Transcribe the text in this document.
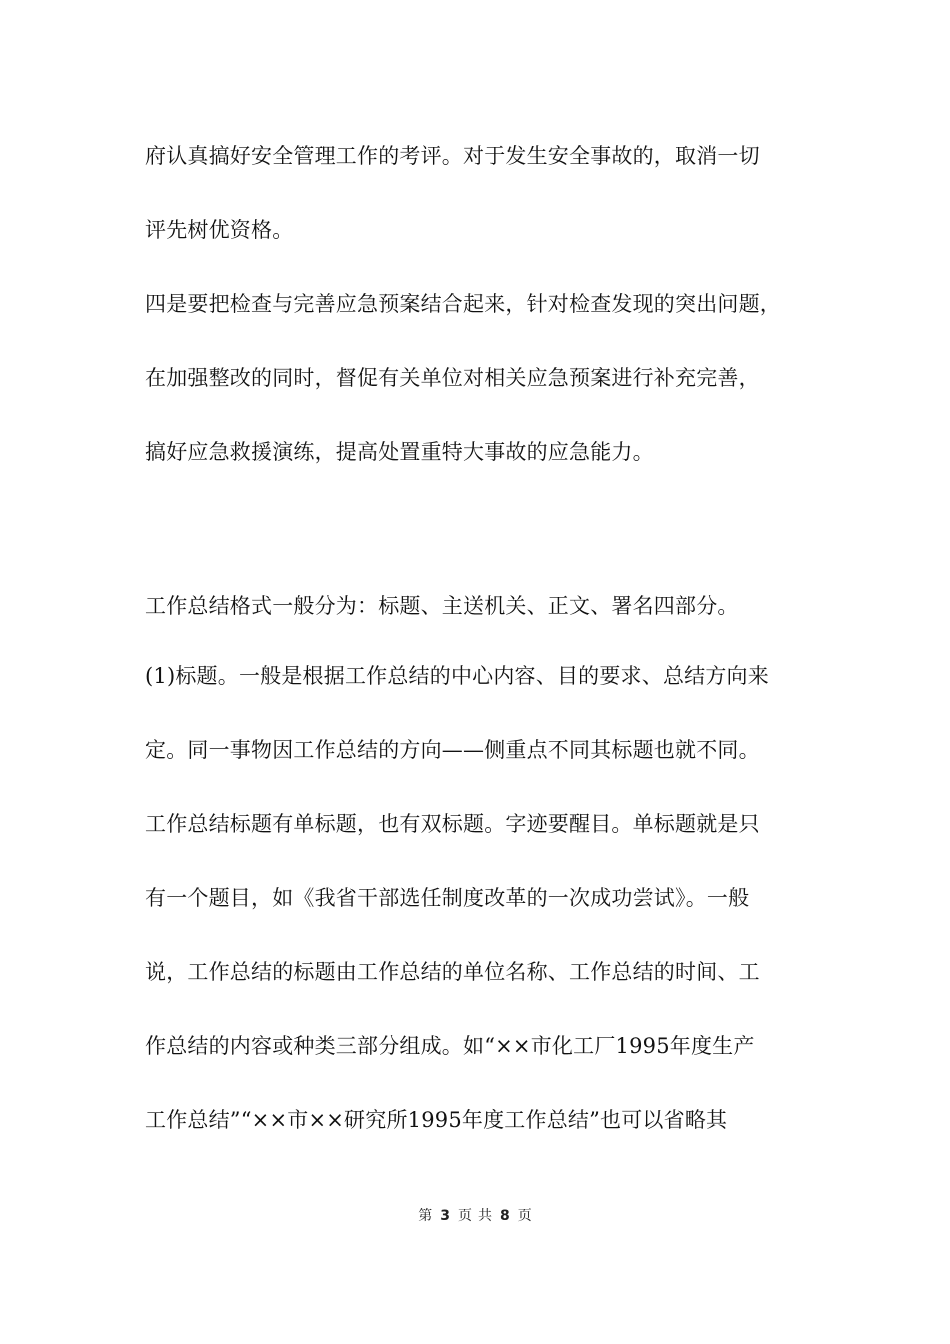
府认真搞好安全管理工作的考评。对于发生安全事故的，取消一切
评先树优资格。
四是要把检查与完善应急预案结合起来，针对检查发现的突出问题，
在加强整改的同时，督促有关单位对相关应急预案进行补充完善，
搞好应急救援演练，提高处置重特大事故的应急能力。
工作总结格式一般分为：标题、主送机关、正文、署名四部分。
(1)标题。一般是根据工作总结的中心内容、目的要求、总结方向来
定。同一事物因工作总结的方向——侧重点不同其标题也就不同。
工作总结标题有单标题，也有双标题。字迹要醒目。单标题就是只
有一个题目，如《我省干部选任制度改革的一次成功尝试》。一般
说，工作总结的标题由工作总结的单位名称、工作总结的时间、工
作总结的内容或种类三部分组成。如“××市化工厂1995年度生产
工作总结”“××市××研究所1995年度工作总结”也可以省略其
第 3 页 共 8 页
